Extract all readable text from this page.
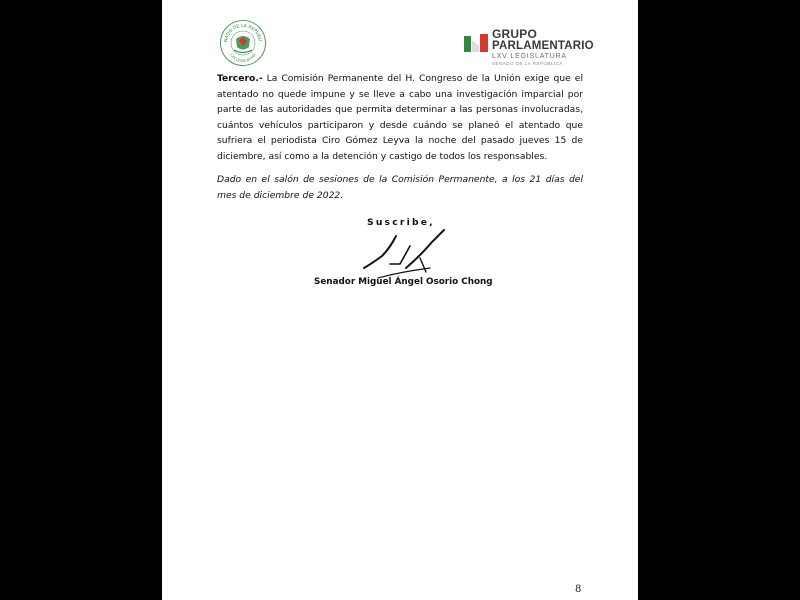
NADO DE LA REPÚBLI
LXV LEGISLATURA
GRUPO
PARLAMENTARIO
LXV LEGISLATURA
SENADO DE LA REPÚBLICA

Tercero.- La Comisión Permanente del H. Congreso de la Unión exige que el atentado no quede impune y se lleve a cabo una investigación imparcial por parte de las autoridades que permita determinar a las personas involucradas, cuántos vehículos participaron y desde cuándo se planeó el atentado que sufriera el periodista Ciro Gómez Leyva la noche del pasado jueves 15 de diciembre, así como a la detención y castigo de todos los responsables.

Dado en el salón de sesiones de la Comisión Permanente, a los 21 días del mes de diciembre de 2022.

Suscribe,
Senador Miguel Ángel Osorio Chong
8
